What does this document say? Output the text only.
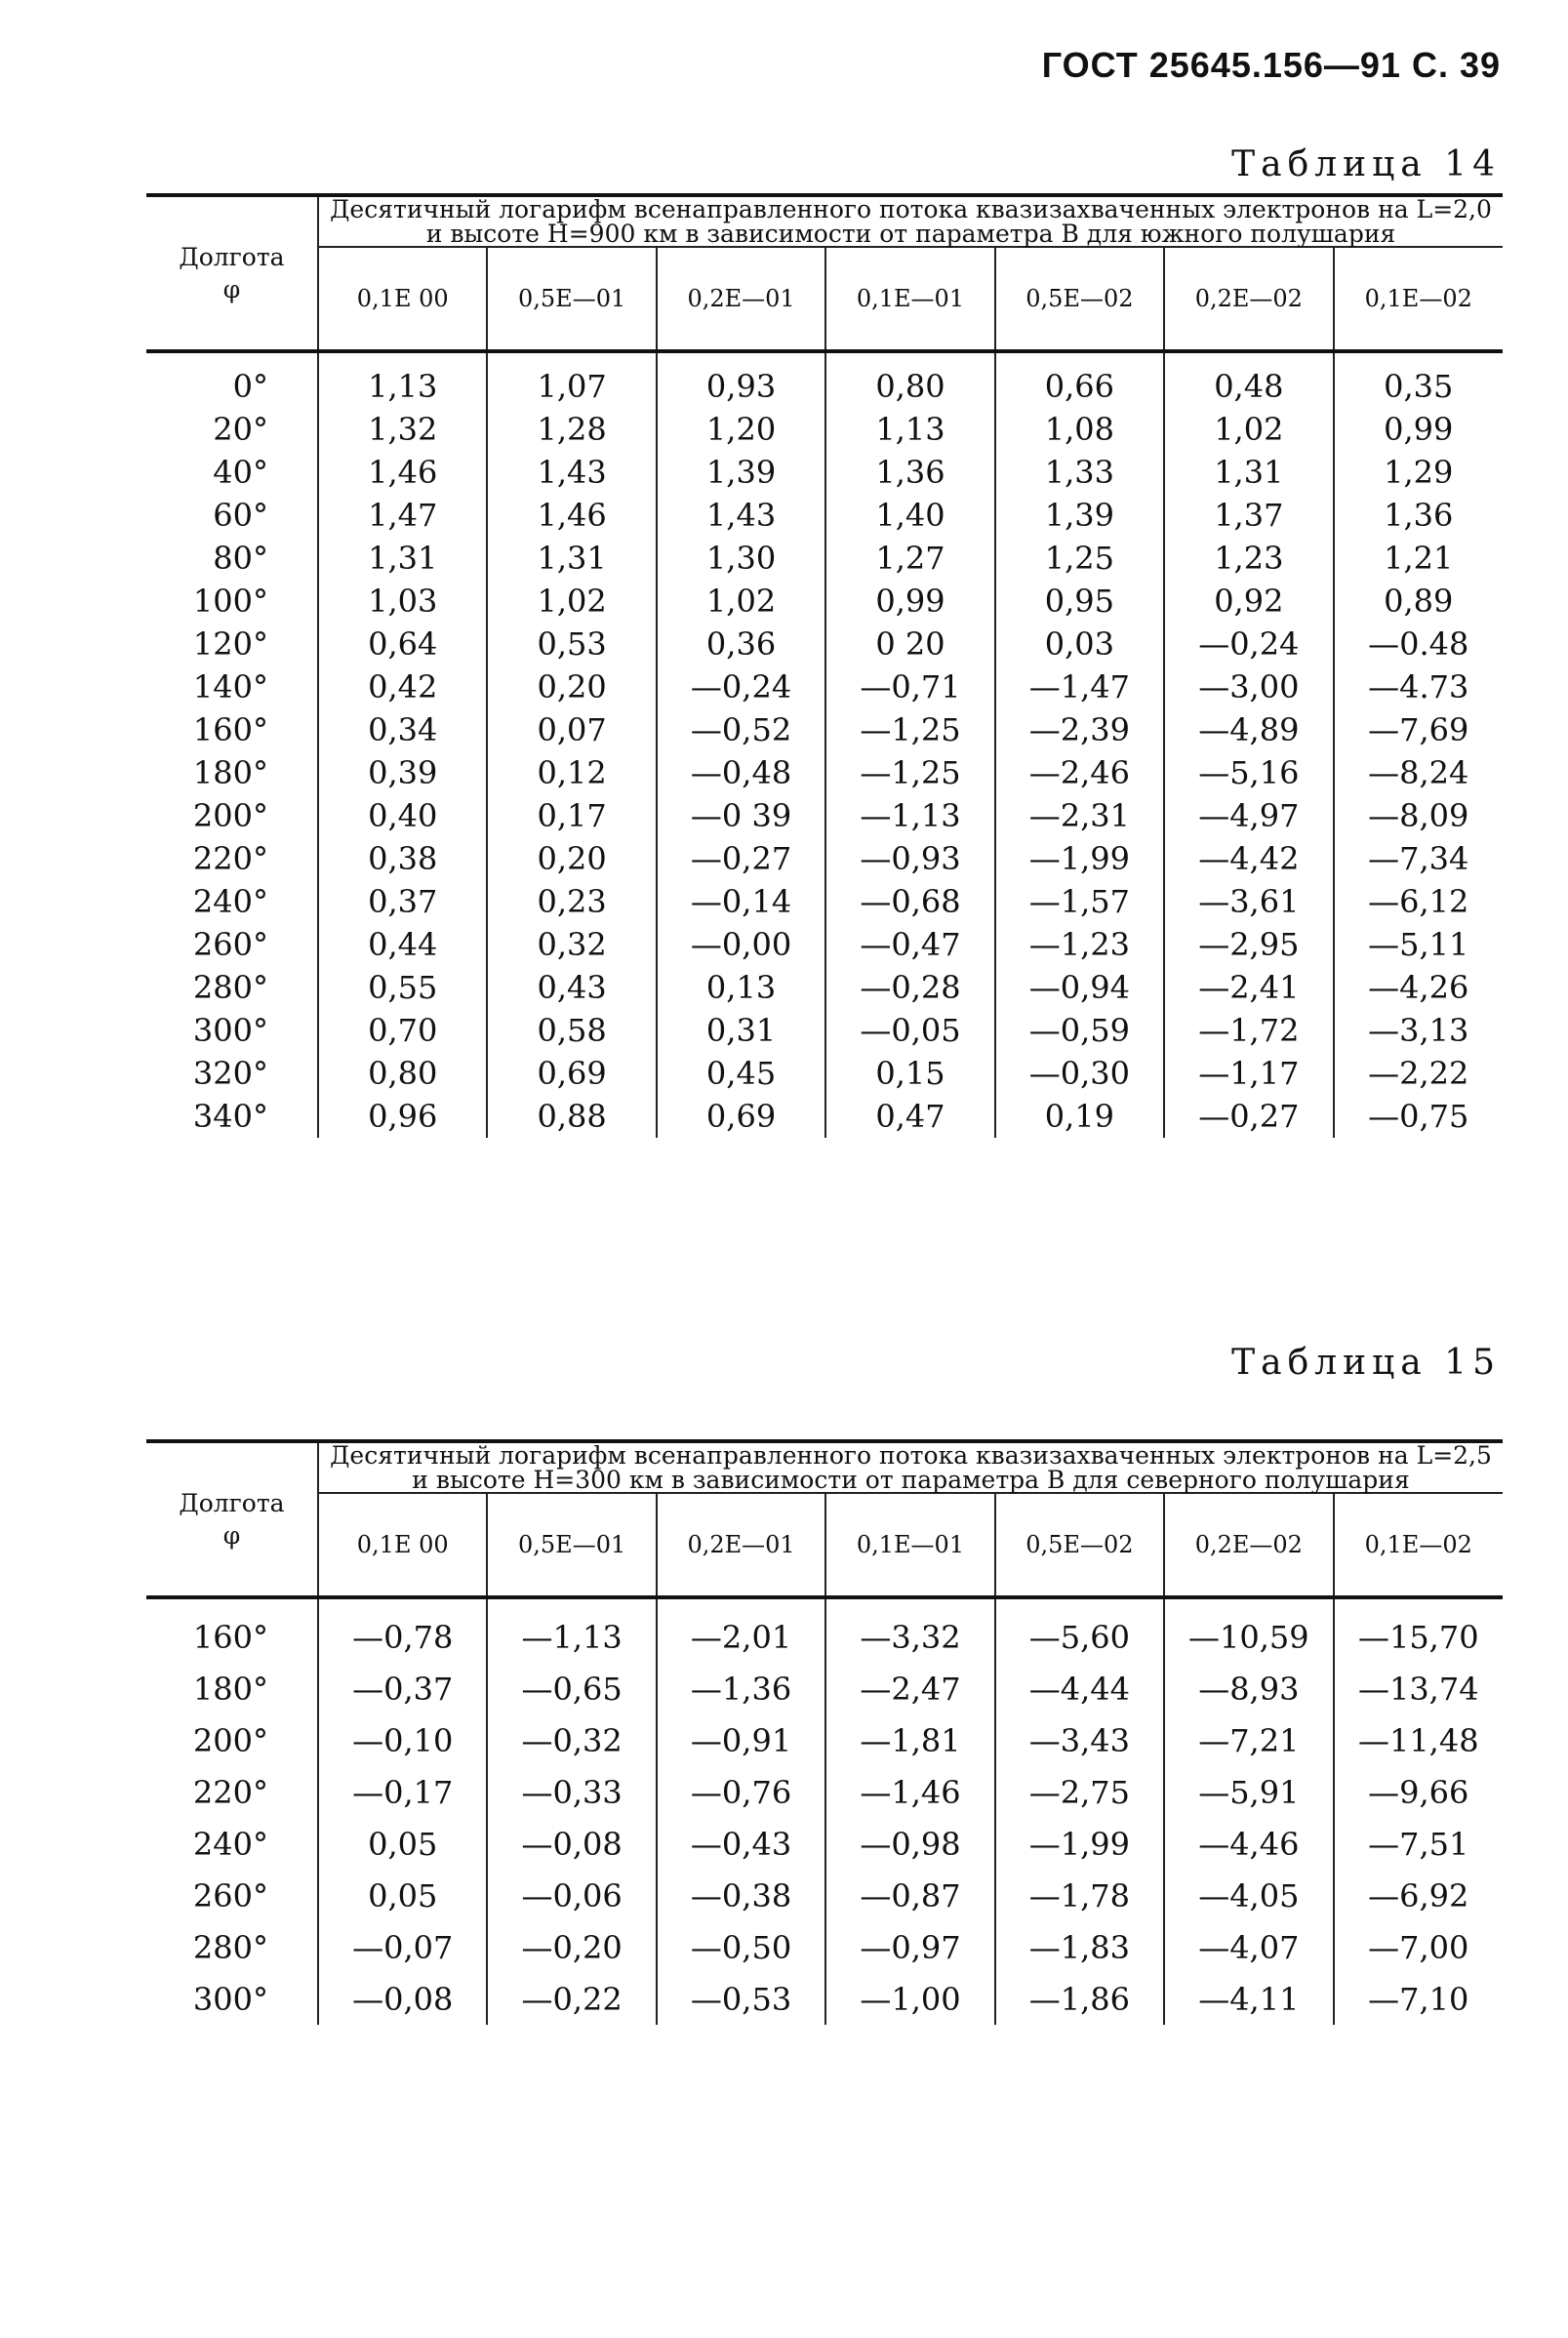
ГОСТ 25645.156—91 С. 39
Таблица 14
Долгота
φ	Десятичный логарифм всенаправленного потока квазизахваченных электронов на L=2,0 и высоте H=900 км в зависимости от параметра B для южного полушария						
	0,1E 00	0,5E—01	0,2E—01	0,1E—01	0,5E—02	0,2E—02	0,1E—02

0°	1,13	1,07	0,93	0,80	0,66	0,48	0,35
20°	1,32	1,28	1,20	1,13	1,08	1,02	0,99
40°	1,46	1,43	1,39	1,36	1,33	1,31	1,29
60°	1,47	1,46	1,43	1,40	1,39	1,37	1,36
80°	1,31	1,31	1,30	1,27	1,25	1,23	1,21
100°	1,03	1,02	1,02	0,99	0,95	0,92	0,89
120°	0,64	0,53	0,36	0 20	0,03	—0,24	—0.48
140°	0,42	0,20	—0,24	—0,71	—1,47	—3,00	—4.73
160°	0,34	0,07	—0,52	—1,25	—2,39	—4,89	—7,69
180°	0,39	0,12	—0,48	—1,25	—2,46	—5,16	—8,24
200°	0,40	0,17	—0 39	—1,13	—2,31	—4,97	—8,09
220°	0,38	0,20	—0,27	—0,93	—1,99	—4,42	—7,34
240°	0,37	0,23	—0,14	—0,68	—1,57	—3,61	—6,12
260°	0,44	0,32	—0,00	—0,47	—1,23	—2,95	—5,11
280°	0,55	0,43	0,13	—0,28	—0,94	—2,41	—4,26
300°	0,70	0,58	0,31	—0,05	—0,59	—1,72	—3,13
320°	0,80	0,69	0,45	0,15	—0,30	—1,17	—2,22
340°	0,96	0,88	0,69	0,47	0,19	—0,27	—0,75
Таблица 15
Долгота
φ	Десятичный логарифм всенаправленного потока квазизахваченных электронов на L=2,5 и высоте H=300 км в зависимости от параметра B для северного полушария						
	0,1E 00	0,5E—01	0,2E—01	0,1E—01	0,5E—02	0,2E—02	0,1E—02

160°	—0,78	—1,13	—2,01	—3,32	—5,60	—10,59	—15,70
180°	—0,37	—0,65	—1,36	—2,47	—4,44	—8,93	—13,74
200°	—0,10	—0,32	—0,91	—1,81	—3,43	—7,21	—11,48
220°	—0,17	—0,33	—0,76	—1,46	—2,75	—5,91	—9,66
240°	0,05	—0,08	—0,43	—0,98	—1,99	—4,46	—7,51
260°	0,05	—0,06	—0,38	—0,87	—1,78	—4,05	—6,92
280°	—0,07	—0,20	—0,50	—0,97	—1,83	—4,07	—7,00
300°	—0,08	—0,22	—0,53	—1,00	—1,86	—4,11	—7,10
